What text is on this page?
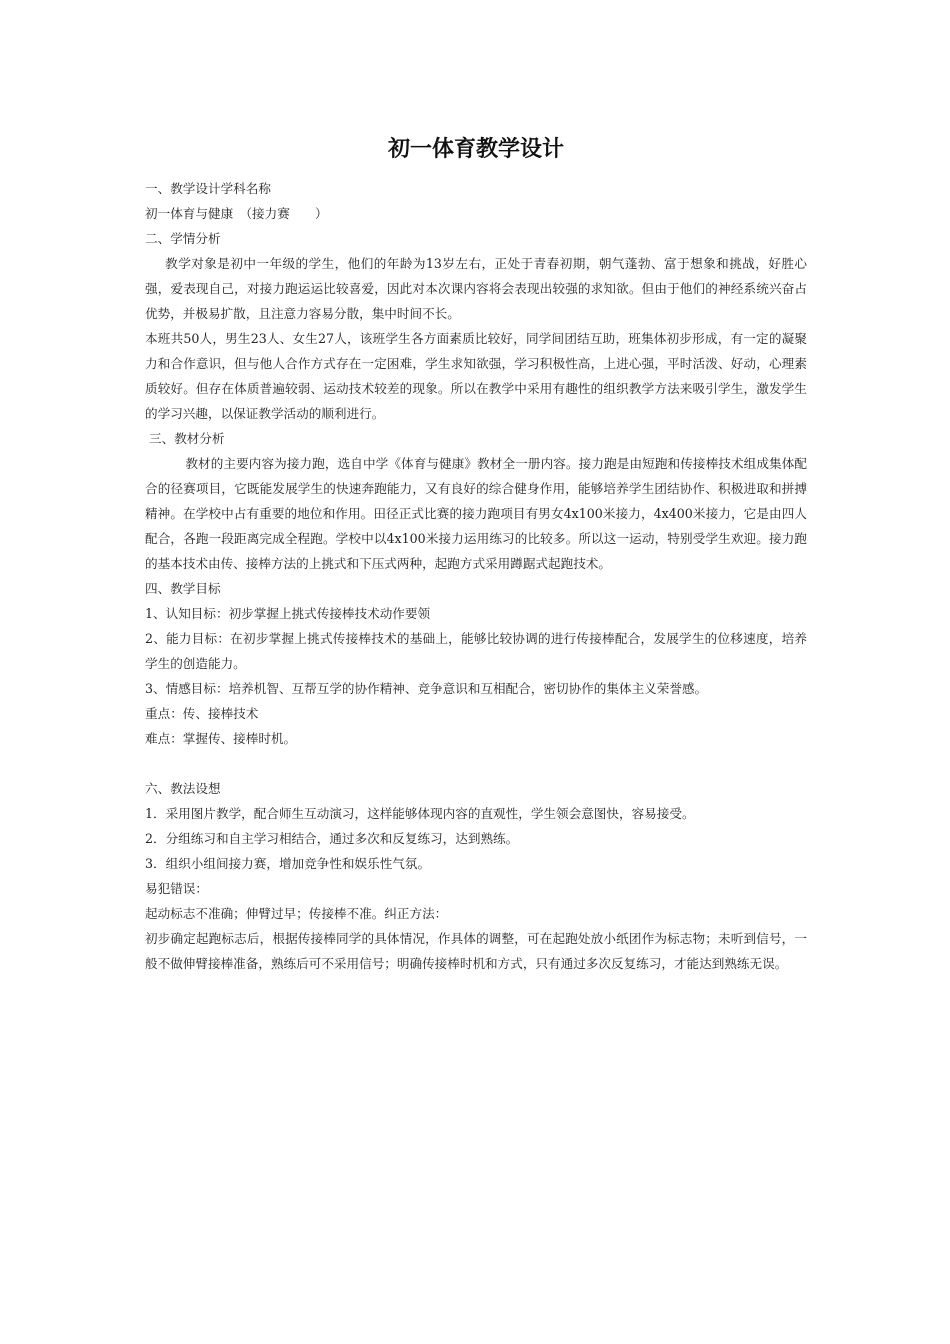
初一体育教学设计

一、教学设计学科名称

初一体育与健康　（接力赛　　）

二、学情分析

教学对象是初中一年级的学生，他们的年龄为13岁左右，正处于青春初期，朝气蓬勃、富于想象和挑战，好胜心强，爱表现自己，对接力跑运运比较喜爱，因此对本次课内容将会表现出较强的求知欲。但由于他们的神经系统兴奋占优势，并极易扩散，且注意力容易分散，集中时间不长。

本班共50人，男生23人、女生27人，该班学生各方面素质比较好，同学间团结互助，班集体初步形成，有一定的凝聚力和合作意识，但与他人合作方式存在一定困难，学生求知欲强，学习积极性高，上进心强，平时活泼、好动，心理素质较好。但存在体质普遍较弱、运动技术较差的现象。所以在教学中采用有趣性的组织教学方法来吸引学生，激发学生的学习兴趣，以保证教学活动的顺利进行。

三、教材分析

教材的主要内容为接力跑，选自中学《体育与健康》教材全一册内容。接力跑是由短跑和传接棒技术组成集体配合的径赛项目，它既能发展学生的快速奔跑能力，又有良好的综合健身作用，能够培养学生团结协作、积极进取和拼搏精神。在学校中占有重要的地位和作用。田径正式比赛的接力跑项目有男女4x100米接力，4x400米接力，它是由四人配合，各跑一段距离完成全程跑。学校中以4x100米接力运用练习的比较多。所以这一运动，特别受学生欢迎。接力跑的基本技术由传、接棒方法的上挑式和下压式两种，起跑方式采用蹲踞式起跑技术。

四、教学目标

1、认知目标：初步掌握上挑式传接棒技术动作要领

2、能力目标：在初步掌握上挑式传接棒技术的基础上，能够比较协调的进行传接棒配合，发展学生的位移速度，培养学生的创造能力。

3、情感目标：培养机智、互帮互学的协作精神、竞争意识和互相配合，密切协作的集体主义荣誉感。

重点：传、接棒技术

难点：掌握传、接棒时机。

六、教法设想

1．采用图片教学，配合师生互动演习，这样能够体现内容的直观性，学生领会意图快，容易接受。

2．分组练习和自主学习相结合，通过多次和反复练习，达到熟练。

3．组织小组间接力赛，增加竞争性和娱乐性气氛。

易犯错误：

起动标志不准确；伸臂过早；传接棒不准。纠正方法：

初步确定起跑标志后，根据传接棒同学的具体情况，作具体的调整，可在起跑处放小纸团作为标志物；未听到信号，一般不做伸臂接棒准备，熟练后可不采用信号；明确传接棒时机和方式，只有通过多次反复练习，才能达到熟练无误。
